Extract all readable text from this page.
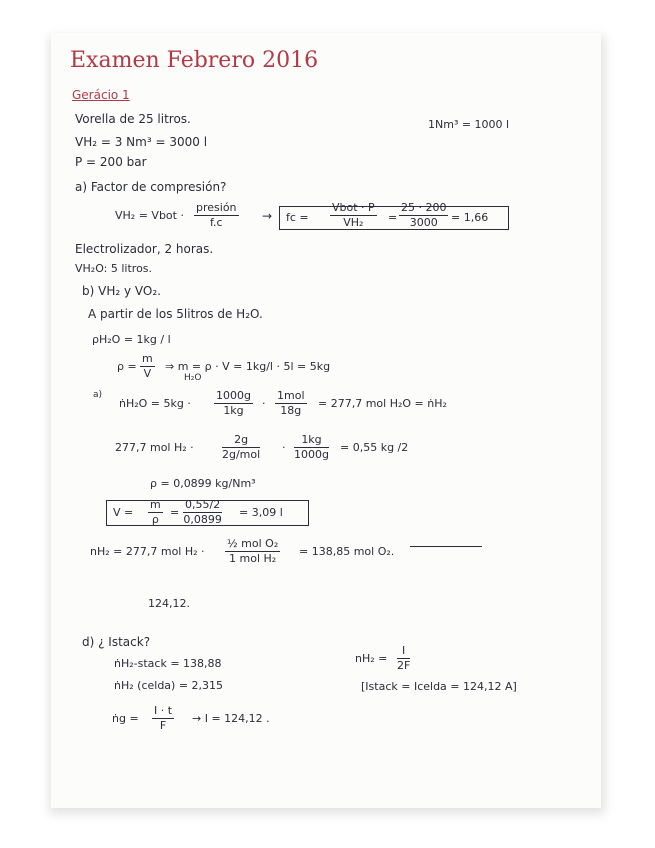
Examen Febrero 2016
Gerácio 1
Vorella de 25 litros.	1Nm³ = 1000 l
VH₂ = 3 Nm³ = 3000 l
P = 200 bar
a) Factor de compresión?
VH₂ = Vbot ·
presión
f.c	→ fc =
Vbot · P
VH₂	= $\frac{25 \cdot 200}{3000} = 1,66$
Electrolizador, 2 horas.
VH₂O: 5 litros.
b) VH₂ y VO₂.
A partir de los 5litros de H₂O.
ρH₂O = 1kg / l
$\rho = \frac{m}{V}$ ⇒ m = ρ · V = 1kg/l · 5l = 5kg
H₂O
a)
ṅH₂O = $5kg \cdot \frac{1000g}{1kg}$ ·
1mol
18g
= 277,7 mol H₂O = ṅH₂
277,7 mol H₂ ·
2g
2g/mol
· $\frac{1kg}{1000g} = 0,55$ kg /2
ρ = 0,0899 kg/Nm³
$V = \frac{m}{\rho} = \frac{0,55/2}{0,0899} = 3,09$ l
nH₂ = 277,7 mol H₂ ·
½ mol O₂
1 mol H₂
= 138,85 mol O₂.
124,12.
d) ¿ Istack?
$nH_2 = \frac{I}{2F}$
ṅH₂-stack = 138,88
ṅH₂ (celda) = 2,315	[Istack = Icelda = 124,12 A]
ṅg = $\frac{I \cdot t}{F} \to I = 124,12$ .
